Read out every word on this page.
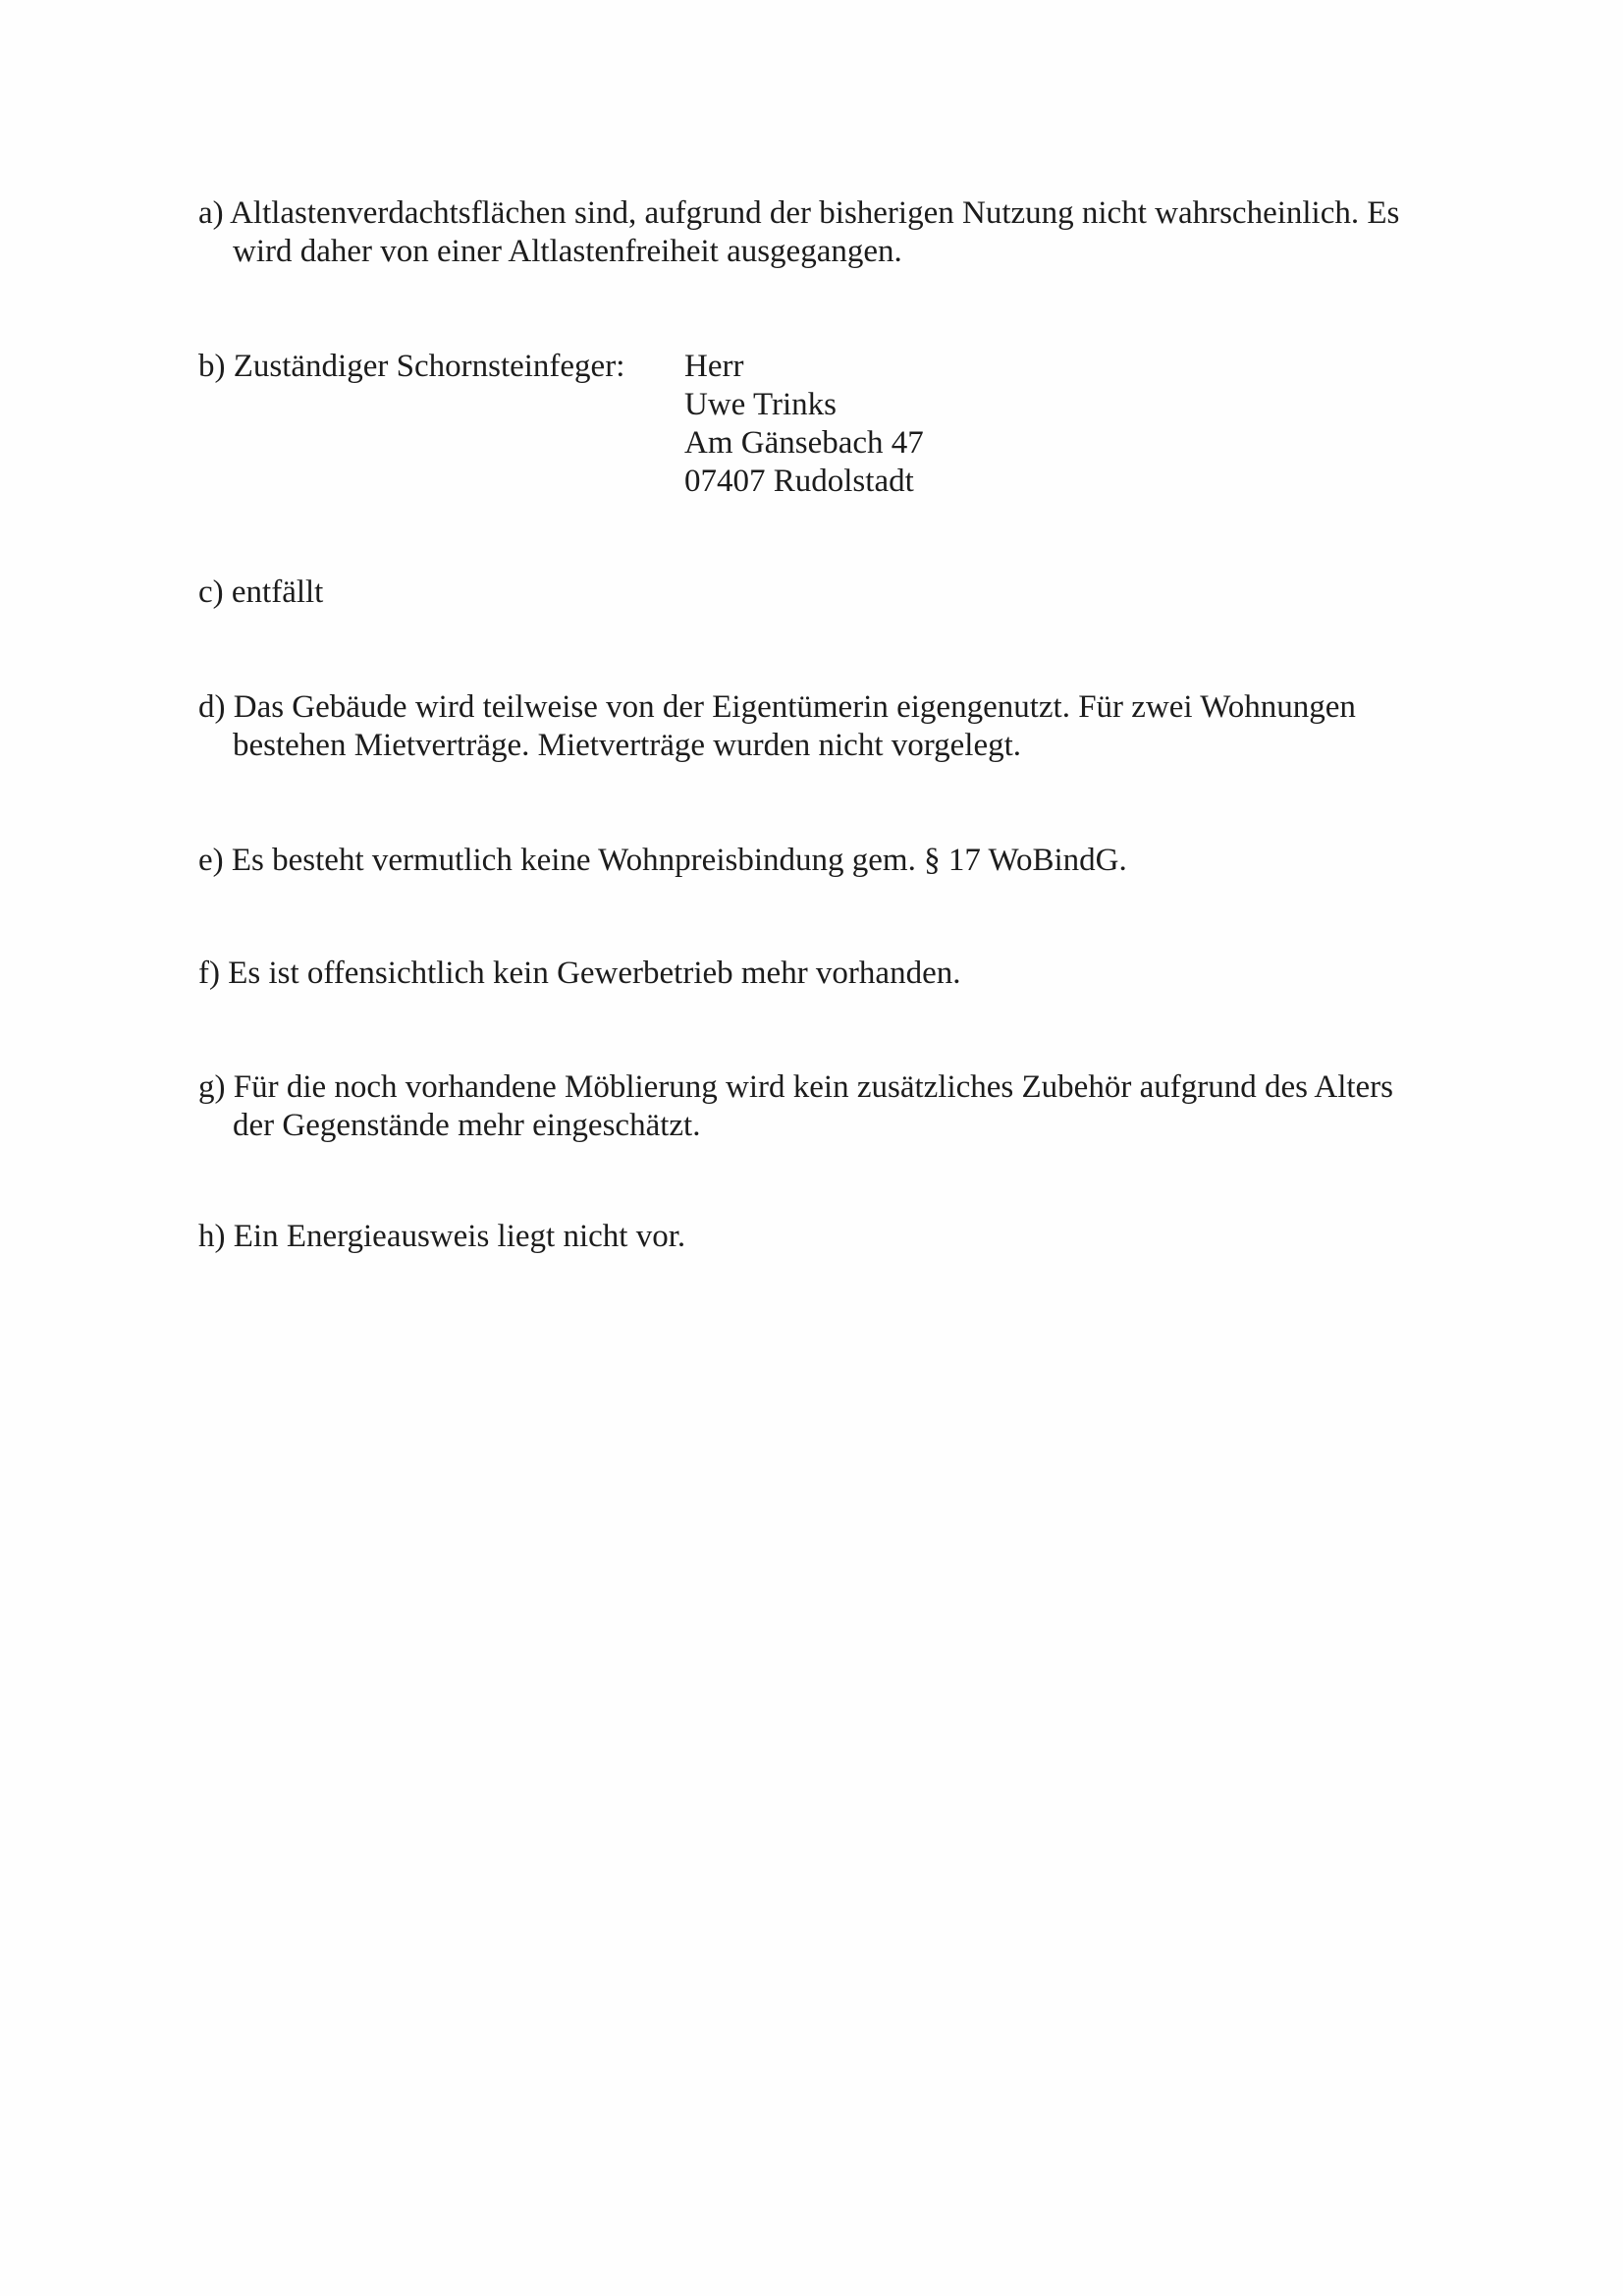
a) Altlastenverdachtsflächen sind, aufgrund der bisherigen Nutzung nicht wahrscheinlich. Es
wird daher von einer Altlastenfreiheit ausgegangen.

b) Zuständiger Schornsteinfeger: Herr
Uwe Trinks
Am Gänsebach 47
07407 Rudolstadt

c) entfällt

d) Das Gebäude wird teilweise von der Eigentümerin eigengenutzt. Für zwei Wohnungen
bestehen Mietverträge. Mietverträge wurden nicht vorgelegt.

e) Es besteht vermutlich keine Wohnpreisbindung gem. § 17 WoBindG.

f) Es ist offensichtlich kein Gewerbetrieb mehr vorhanden.

g) Für die noch vorhandene Möblierung wird kein zusätzliches Zubehör aufgrund des Alters
der Gegenstände mehr eingeschätzt.

h) Ein Energieausweis liegt nicht vor.
